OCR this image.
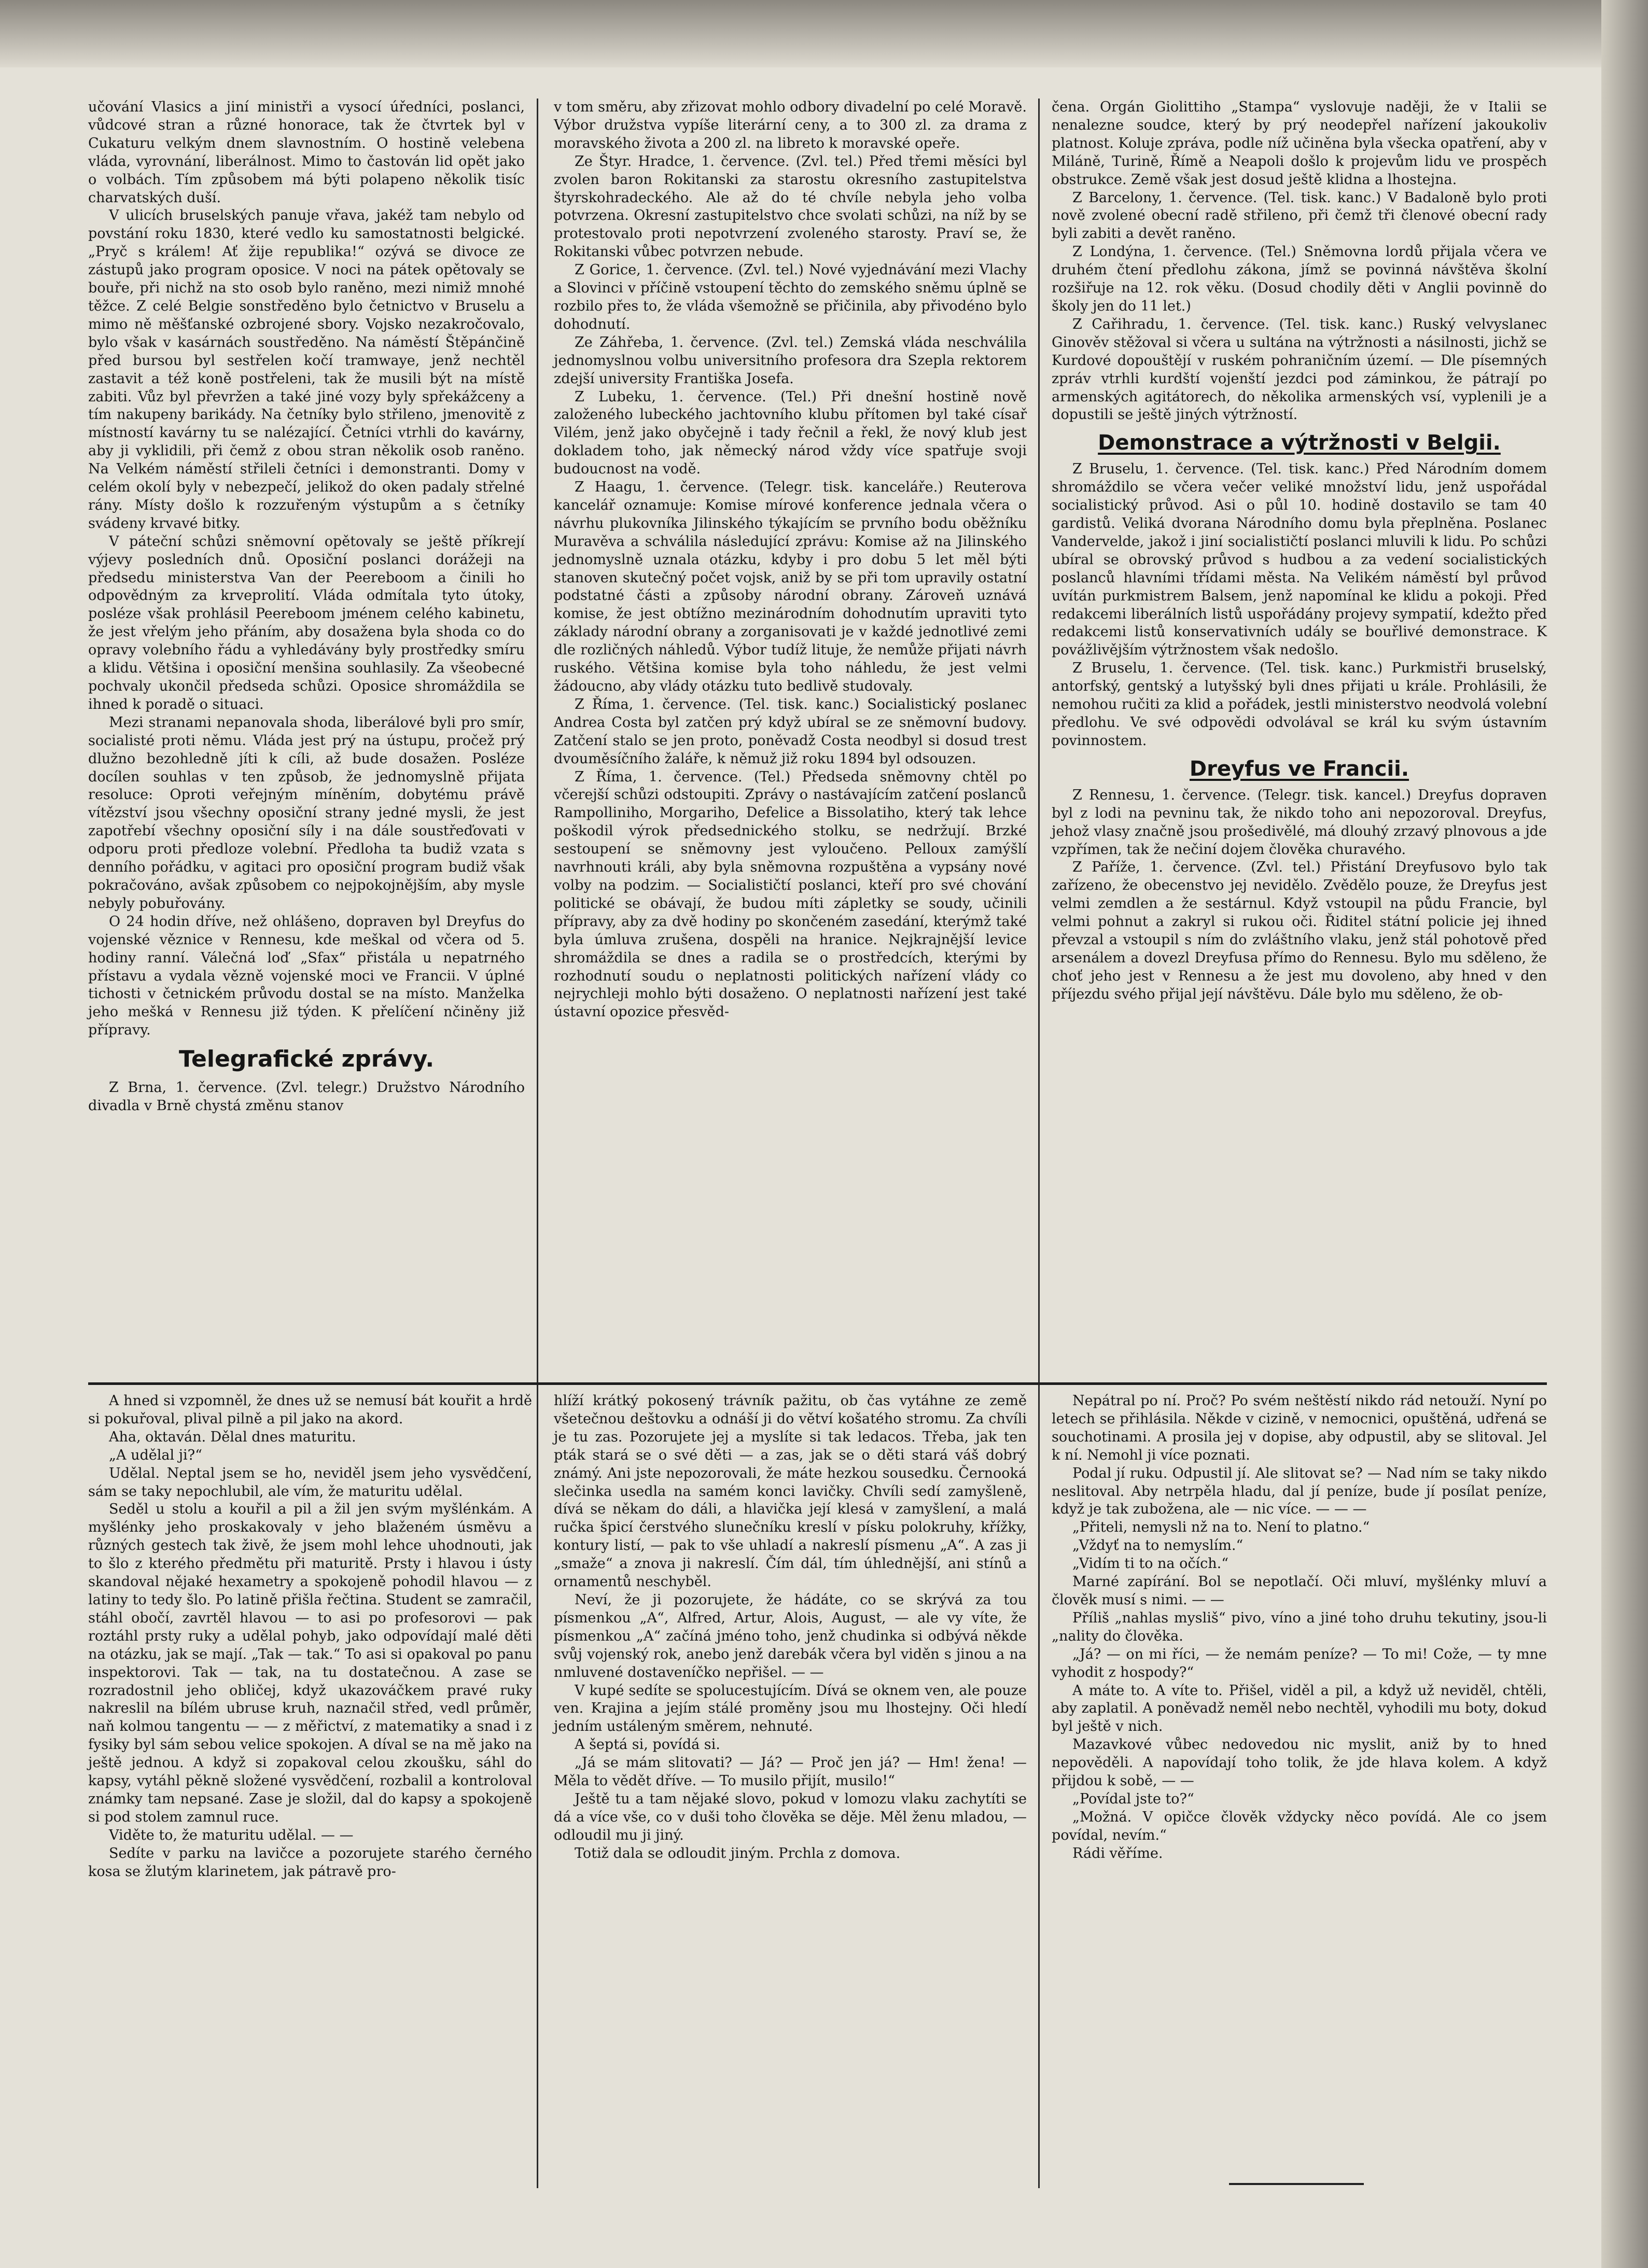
učování Vlasics a jiní ministři a vysocí úředníci, poslanci, vůdcové stran a různé honorace, tak že čtvrtek byl v Cukaturu velkým dnem slavnostním. O hostině velebena vláda, vyrovnání, liberálnost. Mimo to častován lid opět jako o volbách. Tím způsobem má býti polapeno několik tisíc charvatských duší.

V ulicích bruselských panuje vřava, jakéž tam nebylo od povstání roku 1830, které vedlo ku samostatnosti belgické. „Pryč s králem! Ať žije republika!“ ozývá se divoce ze zástupů jako program oposice. V noci na pátek opětovaly se bouře, při nichž na sto osob bylo raněno, mezi nimiž mnohé těžce. Z celé Belgie sonstředěno bylo četnictvo v Bruselu a mimo ně měšťanské ozbrojené sbory. Vojsko nezakročovalo, bylo však v kasárnách soustředěno. Na náměstí Štěpánčině před bursou byl sestřelen kočí tramwaye, jenž nechtěl zastavit a též koně postřeleni, tak že musili být na místě zabiti. Vůz byl převržen a také jiné vozy byly spřekážceny a tím nakupeny barikády. Na četníky bylo střileno, jmenovitě z místností kavárny tu se nalézající. Četníci vtrhli do kavárny, aby ji vyklidili, při čemž z obou stran několik osob raněno. Na Velkém náměstí střileli četníci i demonstranti. Domy v celém okolí byly v nebezpečí, jelikož do oken padaly střelné rány. Místy došlo k rozzuřeným výstupům a s četníky svádeny krvavé bitky.

V páteční schůzi sněmovní opětovaly se ještě příkrejí výjevy posledních dnů. Oposiční poslanci dorážeji na předsedu ministerstva Van der Peereboom a činili ho odpovědným za krveprolití. Vláda odmítala tyto útoky, posléze však prohlásil Peereboom jménem celého kabinetu, že jest vřelým jeho přáním, aby dosažena byla shoda co do opravy volebního řádu a vyhledávány byly prostředky smíru a klidu. Většina i oposiční menšina souhlasily. Za všeobecné pochvaly ukončil předseda schůzi. Oposice shromáždila se ihned k poradě o situaci.

Mezi stranami nepanovala shoda, liberálové byli pro smír, socialisté proti němu. Vláda jest prý na ústupu, pročež prý dlužno bezohledně jíti k cíli, až bude dosažen. Posléze docílen souhlas v ten způsob, že jednomyslně přijata resoluce: Oproti veřejným míněním, dobytému právě vítězství jsou všechny oposiční strany jedné mysli, že jest zapotřebí všechny oposiční síly i na dále soustřeďovati v odporu proti předloze volební. Předloha ta budiž vzata s denního pořádku, v agitaci pro oposiční program budiž však pokračováno, avšak způsobem co nejpokojnějším, aby mysle nebyly pobuřovány.

O 24 hodin dříve, než ohlášeno, dopraven byl Dreyfus do vojenské věznice v Rennesu, kde meškal od včera od 5. hodiny ranní. Válečná loď „Sfax“ přistála u nepatrného přístavu a vydala vězně vojenské moci ve Francii. V úplné tichosti v četnickém průvodu dostal se na místo. Manželka jeho mešká v Rennesu již týden. K přelíčení nčiněny již přípravy.

Telegrafické zprávy.

Z Brna, 1. července. (Zvl. telegr.) Družstvo Národního divadla v Brně chystá změnu stanov

v tom směru, aby zřizovat mohlo odbory divadelní po celé Moravě. Výbor družstva vypíše literární ceny, a to 300 zl. za drama z moravského života a 200 zl. na libreto k moravské opeře.

Ze Štyr. Hradce, 1. července. (Zvl. tel.) Před třemi měsíci byl zvolen baron Rokitanski za starostu okresního zastupitelstva štyrskohradeckého. Ale až do té chvíle nebyla jeho volba potvrzena. Okresní zastupitelstvo chce svolati schůzi, na níž by se protestovalo proti nepotvrzení zvoleného starosty. Praví se, že Rokitanski vůbec potvrzen nebude.

Z Gorice, 1. července. (Zvl. tel.) Nové vyjednávání mezi Vlachy a Slovinci v příčině vstoupení těchto do zemského sněmu úplně se rozbilo přes to, že vláda všemožně se přičinila, aby přivodéno bylo dohodnutí.

Ze Záhřeba, 1. července. (Zvl. tel.) Zemská vláda neschválila jednomyslnou volbu universitního profesora dra Szepla rektorem zdejší university Františka Josefa.

Z Lubeku, 1. července. (Tel.) Při dnešní hostině nově založeného lubeckého jachtovního klubu přítomen byl také císař Vilém, jenž jako obyčejně i tady řečnil a řekl, že nový klub jest dokladem toho, jak německý národ vždy více spatřuje svoji budoucnost na vodě.

Z Haagu, 1. července. (Telegr. tisk. kanceláře.) Reuterova kancelář oznamuje: Komise mírové konference jednala včera o návrhu plukovníka Jilinského týkajícím se prvního bodu oběžníku Muravěva a schválila následující zprávu: Komise až na Jilinského jednomyslně uznala otázku, kdyby i pro dobu 5 let měl býti stanoven skutečný počet vojsk, aniž by se při tom upravily ostatní podstatné části a způsoby národní obrany. Zároveň uznává komise, že jest obtížno mezinárodním dohodnutím upraviti tyto základy národní obrany a zorganisovati je v každé jednotlivé zemi dle rozličných náhledů. Výbor tudíž lituje, že nemůže přijati návrh ruského. Většina komise byla toho náhledu, že jest velmi žádoucno, aby vlády otázku tuto bedlivě studovaly.

Z Říma, 1. července. (Tel. tisk. kanc.) Socialistický poslanec Andrea Costa byl zatčen prý když ubíral se ze sněmovní budovy. Zatčení stalo se jen proto, poněvadž Costa neodbyl si dosud trest dvouměsíčního žaláře, k němuž již roku 1894 byl odsouzen.

Z Říma, 1. července. (Tel.) Předseda sněmovny chtěl po včerejší schůzi odstoupiti. Zprávy o nastávajícím zatčení poslanců Rampolliniho, Morgariho, Defelice a Bissolatiho, který tak lehce poškodil výrok předsednického stolku, se nedržují. Brzké sestoupení se sněmovny jest vyloučeno. Pelloux zamýšlí navrhnouti králi, aby byla sněmovna rozpuštěna a vypsány nové volby na podzim. — Socialističtí poslanci, kteří pro své chování politické se obávají, že budou míti zápletky se soudy, učinili přípravy, aby za dvě hodiny po skončeném zasedání, kterýmž také byla úmluva zrušena, dospěli na hranice. Nejkrajnější levice shromáždila se dnes a radila se o prostředcích, kterými by rozhodnutí soudu o neplatnosti politických nařízení vlády co nejrychleji mohlo býti dosaženo. O neplatnosti nařízení jest také ústavní opozice přesvěd-

čena. Orgán Giolittiho „Stampa“ vyslovuje naději, že v Italii se nenalezne soudce, který by prý neodepřel nařízení jakoukoliv platnost. Koluje zpráva, podle níž učiněna byla všecka opatření, aby v Miláně, Turině, Římě a Neapoli došlo k projevům lidu ve prospěch obstrukce. Země však jest dosud ještě klidna a lhostejna.

Z Barcelony, 1. července. (Tel. tisk. kanc.) V Badaloně bylo proti nově zvolené obecní radě střileno, při čemž tři členové obecní rady byli zabiti a devět raněno.

Z Londýna, 1. července. (Tel.) Sněmovna lordů přijala včera ve druhém čtení předlohu zákona, jímž se povinná návštěva školní rozšiřuje na 12. rok věku. (Dosud chodily děti v Anglii povinně do školy jen do 11 let.)

Z Cařihradu, 1. července. (Tel. tisk. kanc.) Ruský velvyslanec Ginověv stěžoval si včera u sultána na výtržnosti a násilnosti, jichž se Kurdové dopouštějí v ruském pohraničním území. — Dle písemných zpráv vtrhli kurdští vojenští jezdci pod záminkou, že pátrají po armenských agitátorech, do několika armenských vsí, vyplenili je a dopustili se ještě jiných výtržností.

Demonstrace a výtržnosti v Belgii.

Z Bruselu, 1. července. (Tel. tisk. kanc.) Před Národním domem shromáždilo se včera večer veliké množství lidu, jenž uspořádal socialistický průvod. Asi o půl 10. hodině dostavilo se tam 40 gardistů. Veliká dvorana Národního domu byla přeplněna. Poslanec Vandervelde, jakož i jiní socialističtí poslanci mluvili k lidu. Po schůzi ubíral se obrovský průvod s hudbou a za vedení socialistických poslanců hlavními třídami města. Na Velikém náměstí byl průvod uvítán purkmistrem Balsem, jenž napomínal ke klidu a pokoji. Před redakcemi liberálních listů uspořádány projevy sympatií, kdežto před redakcemi listů konservativních udály se bouřlivé demonstrace. K povážlivějším výtržnostem však nedošlo.

Z Bruselu, 1. července. (Tel. tisk. kanc.) Purkmistři bruselský, antorfský, gentský a lutyšský byli dnes přijati u krále. Prohlásili, že nemohou ručiti za klid a pořádek, jestli ministerstvo neodvolá volební předlohu. Ve své odpovědi odvolával se král ku svým ústavním povinnostem.

Dreyfus ve Francii.

Z Rennesu, 1. července. (Telegr. tisk. kancel.) Dreyfus dopraven byl z lodi na pevninu tak, že nikdo toho ani nepozoroval. Dreyfus, jehož vlasy značně jsou prošedivělé, má dlouhý zrzavý plnovous a jde vzpřímen, tak že nečiní dojem člověka churavého.

Z Paříže, 1. července. (Zvl. tel.) Přistání Dreyfusovo bylo tak zařízeno, že obecenstvo jej nevidělo. Zvědělo pouze, že Dreyfus jest velmi zemdlen a že sestárnul. Když vstoupil na půdu Francie, byl velmi pohnut a zakryl si rukou oči. Řiditel státní policie jej ihned převzal a vstoupil s ním do zvláštního vlaku, jenž stál pohotově před arsenálem a dovezl Dreyfusa přímo do Rennesu. Bylo mu sděleno, že choť jeho jest v Rennesu a že jest mu dovoleno, aby hned v den příjezdu svého přijal její návštěvu. Dále bylo mu sděleno, že ob-

A hned si vzpomněl, že dnes už se nemusí bát kouřit a hrdě si pokuřoval, plival pilně a pil jako na akord.

Aha, oktaván. Dělal dnes maturitu.

„A udělal ji?“

Udělal. Neptal jsem se ho, neviděl jsem jeho vysvědčení, sám se taky nepochlubil, ale vím, že maturitu udělal.

Seděl u stolu a kouřil a pil a žil jen svým myšlénkám. A myšlénky jeho proskakovaly v jeho blaženém úsměvu a různých gestech tak živě, že jsem mohl lehce uhodnouti, jak to šlo z kterého předmětu při maturitě. Prsty i hlavou i ústy skandoval nějaké hexametry a spokojeně pohodil hlavou — z latiny to tedy šlo. Po latině přišla řečtina. Student se zamračil, stáhl obočí, zavrtěl hlavou — to asi po profesorovi — pak roztáhl prsty ruky a udělal pohyb, jako odpovídají malé děti na otázku, jak se mají. „Tak — tak.“ To asi si opakoval po panu inspektorovi. Tak — tak, na tu dostatečnou. A zase se rozradostnil jeho obličej, když ukazováčkem pravé ruky nakreslil na bílém ubruse kruh, naznačil střed, vedl průměr, naň kolmou tangentu — — z měřictví, z matematiky a snad i z fysiky byl sám sebou velice spokojen. A díval se na mě jako na ještě jednou. A když si zopakoval celou zkoušku, sáhl do kapsy, vytáhl pěkně složené vysvědčení, rozbalil a kontroloval známky tam nepsané. Zase je složil, dal do kapsy a spokojeně si pod stolem zamnul ruce.

Viděte to, že maturitu udělal. — —

Sedíte v parku na lavičce a pozorujete starého černého kosa se žlutým klarinetem, jak pátravě pro-

hlíží krátký pokosený trávník pažitu, ob čas vytáhne ze země všetečnou deštovku a odnáší ji do větví košatého stromu. Za chvíli je tu zas. Pozorujete jej a myslíte si tak ledacos. Třeba, jak ten pták stará se o své děti — a zas, jak se o děti stará váš dobrý známý. Ani jste nepozorovali, že máte hezkou sousedku. Černooká slečinka usedla na samém konci lavičky. Chvíli sedí zamyšleně, dívá se někam do dáli, a hlavička její klesá v zamyšlení, a malá ručka špicí čerstvého slunečníku kreslí v písku polokruhy, křížky, kontury listí, — pak to vše uhladí a nakreslí písmenu „A“. A zas ji „smaže“ a znova ji nakreslí. Čím dál, tím úhlednější, ani stínů a ornamentů neschyběl.

Neví, že ji pozorujete, že hádáte, co se skrývá za tou písmenkou „A“, Alfred, Artur, Alois, August, — ale vy víte, že písmenkou „A“ začíná jméno toho, jenž chudinka si odbývá někde svůj vojenský rok, anebo jenž darebák včera byl viděn s jinou a na nmluvené dostaveníčko nepřišel. — —

V kupé sedíte se spolucestujícím. Dívá se oknem ven, ale pouze ven. Krajina a jejím stálé proměny jsou mu lhostejny. Oči hledí jedním ustáleným směrem, nehnuté.

A šeptá si, povídá si.

„Já se mám slitovati? — Já? — Proč jen já? — Hm! žena! — Měla to vědět dříve. — To musilo přijít, musilo!“

Ještě tu a tam nějaké slovo, pokud v lomozu vlaku zachytíti se dá a více vše, co v duši toho člověka se děje. Měl ženu mladou, — odloudil mu ji jiný.

Totiž dala se odloudit jiným. Prchla z domova.

Nepátral po ní. Proč? Po svém neštěstí nikdo rád netouží. Nyní po letech se přihlásila. Někde v cizině, v nemocnici, opuštěná, udřená se souchotinami. A prosila jej v dopise, aby odpustil, aby se slitoval. Jel k ní. Nemohl ji více poznati.

Podal jí ruku. Odpustil jí. Ale slitovat se? — Nad ním se taky nikdo neslitoval. Aby netrpěla hladu, dal jí peníze, bude jí posílat peníze, když je tak zubožena, ale — nic více. — — —

„Přiteli, nemysli nž na to. Není to platno.“

„Vždyť na to nemyslím.“

„Vidím ti to na očích.“

Marné zapírání. Bol se nepotlačí. Oči mluví, myšlénky mluví a člověk musí s nimi. — —

Příliš „nahlas mysliš“ pivo, víno a jiné toho druhu tekutiny, jsou-li „nality do člověka.

„Já? — on mi říci, — že nemám peníze? — To mi! Cože, — ty mne vyhodit z hospody?“

A máte to. A víte to. Přišel, viděl a pil, a když už neviděl, chtěli, aby zaplatil. A poněvadž neměl nebo nechtěl, vyhodili mu boty, dokud byl ještě v nich.

Mazavkové vůbec nedovedou nic myslit, aniž by to hned nepověděli. A napovídají toho tolik, že jde hlava kolem. A když přijdou k sobě, — —

„Povídal jste to?“

„Možná. V opičce člověk vždycky něco povídá. Ale co jsem povídal, nevím.“

Rádi věříme.
